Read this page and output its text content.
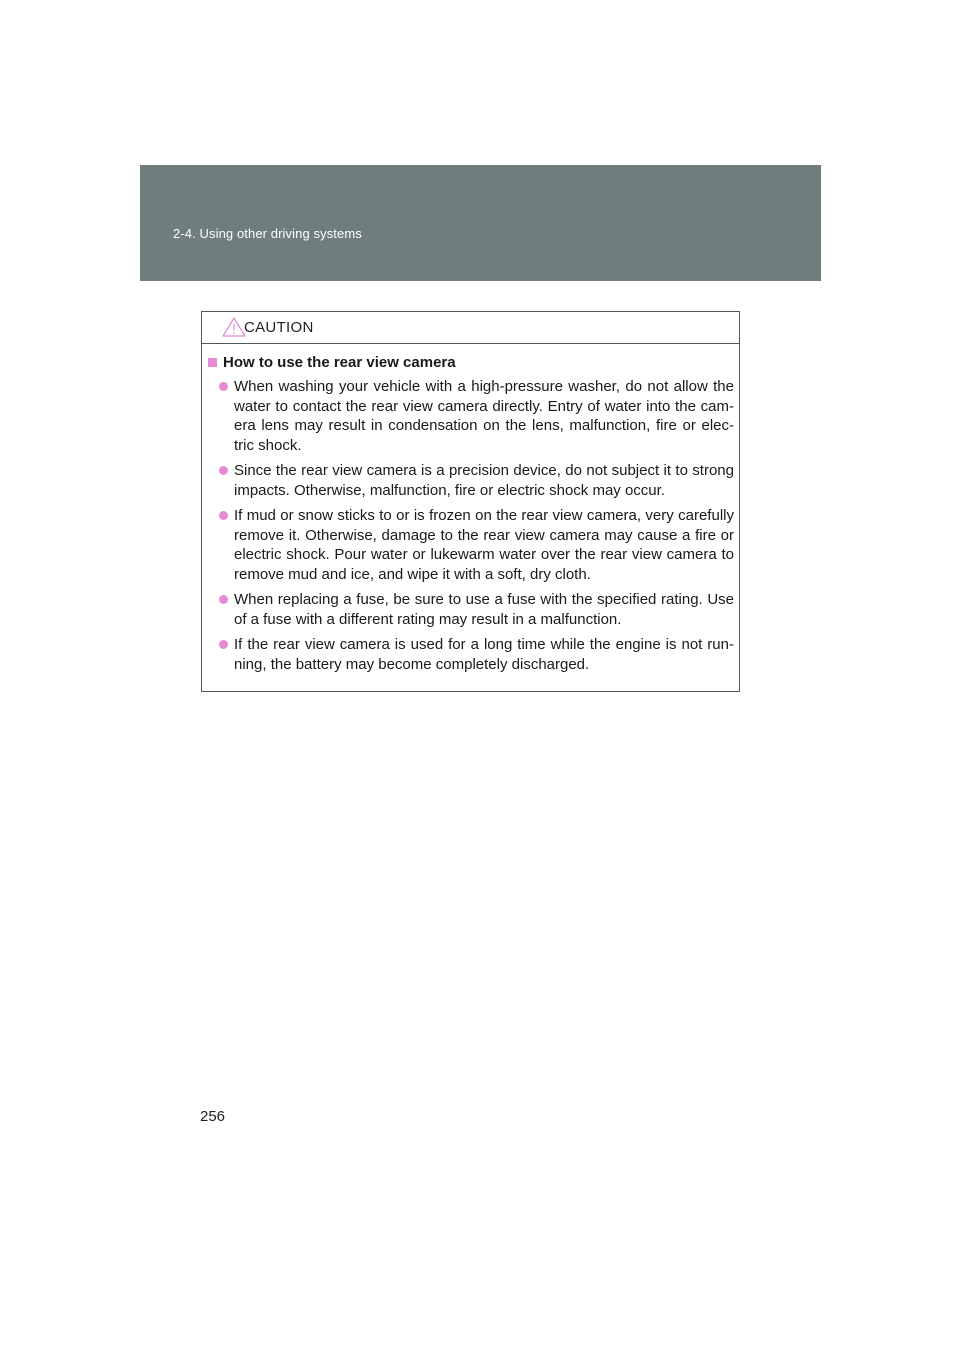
2-4. Using other driving systems
CAUTION
How to use the rear view camera
When washing your vehicle with a high-pressure washer, do not allow the water to contact the rear view camera directly. Entry of water into the cam-era lens may result in condensation on the lens, malfunction, fire or elec-tric shock.
Since the rear view camera is a precision device, do not subject it to strong impacts. Otherwise, malfunction, fire or electric shock may occur.
If mud or snow sticks to or is frozen on the rear view camera, very carefully remove it. Otherwise, damage to the rear view camera may cause a fire or electric shock. Pour water or lukewarm water over the rear view camera to remove mud and ice, and wipe it with a soft, dry cloth.
When replacing a fuse, be sure to use a fuse with the specified rating. Use of a fuse with a different rating may result in a malfunction.
If the rear view camera is used for a long time while the engine is not run-ning, the battery may become completely discharged.
256
